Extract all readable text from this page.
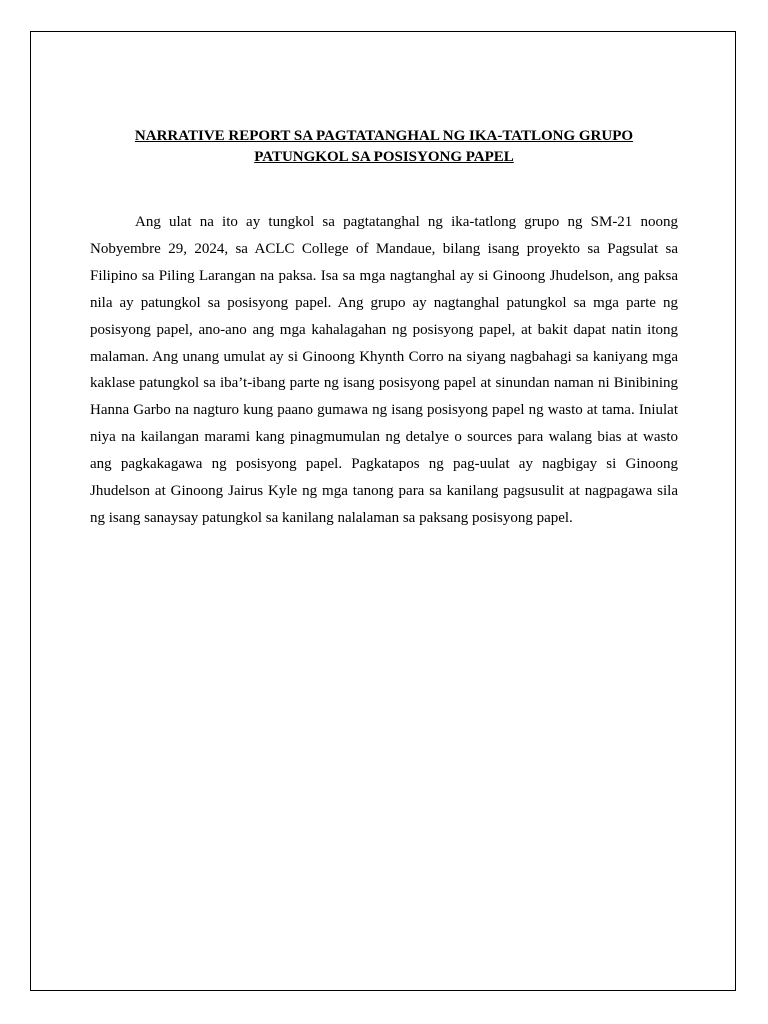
NARRATIVE REPORT SA PAGTATANGHAL NG IKA-TATLONG GRUPO
PATUNGKOL SA POSISYONG PAPEL

Ang ulat na ito ay tungkol sa pagtatanghal ng ika-tatlong grupo ng SM-21 noong Nobyembre 29, 2024, sa ACLC College of Mandaue, bilang isang proyekto sa Pagsulat sa Filipino sa Piling Larangan na paksa. Isa sa mga nagtanghal ay si Ginoong Jhudelson, ang paksa nila ay patungkol sa posisyong papel. Ang grupo ay nagtanghal patungkol sa mga parte ng posisyong papel, ano-ano ang mga kahalagahan ng posisyong papel, at bakit dapat natin itong malaman. Ang unang umulat ay si Ginoong Khynth Corro na siyang nagbahagi sa kaniyang mga kaklase patungkol sa iba’t-ibang parte ng isang posisyong papel at sinundan naman ni Binibining Hanna Garbo na nagturo kung paano gumawa ng isang posisyong papel ng wasto at tama. Iniulat niya na kailangan marami kang pinagmumulan ng detalye o sources para walang bias at wasto ang pagkakagawa ng posisyong papel. Pagkatapos ng pag-uulat ay nagbigay si Ginoong Jhudelson at Ginoong Jairus Kyle ng mga tanong para sa kanilang pagsusulit at nagpagawa sila ng isang sanaysay patungkol sa kanilang nalalaman sa paksang posisyong papel.
